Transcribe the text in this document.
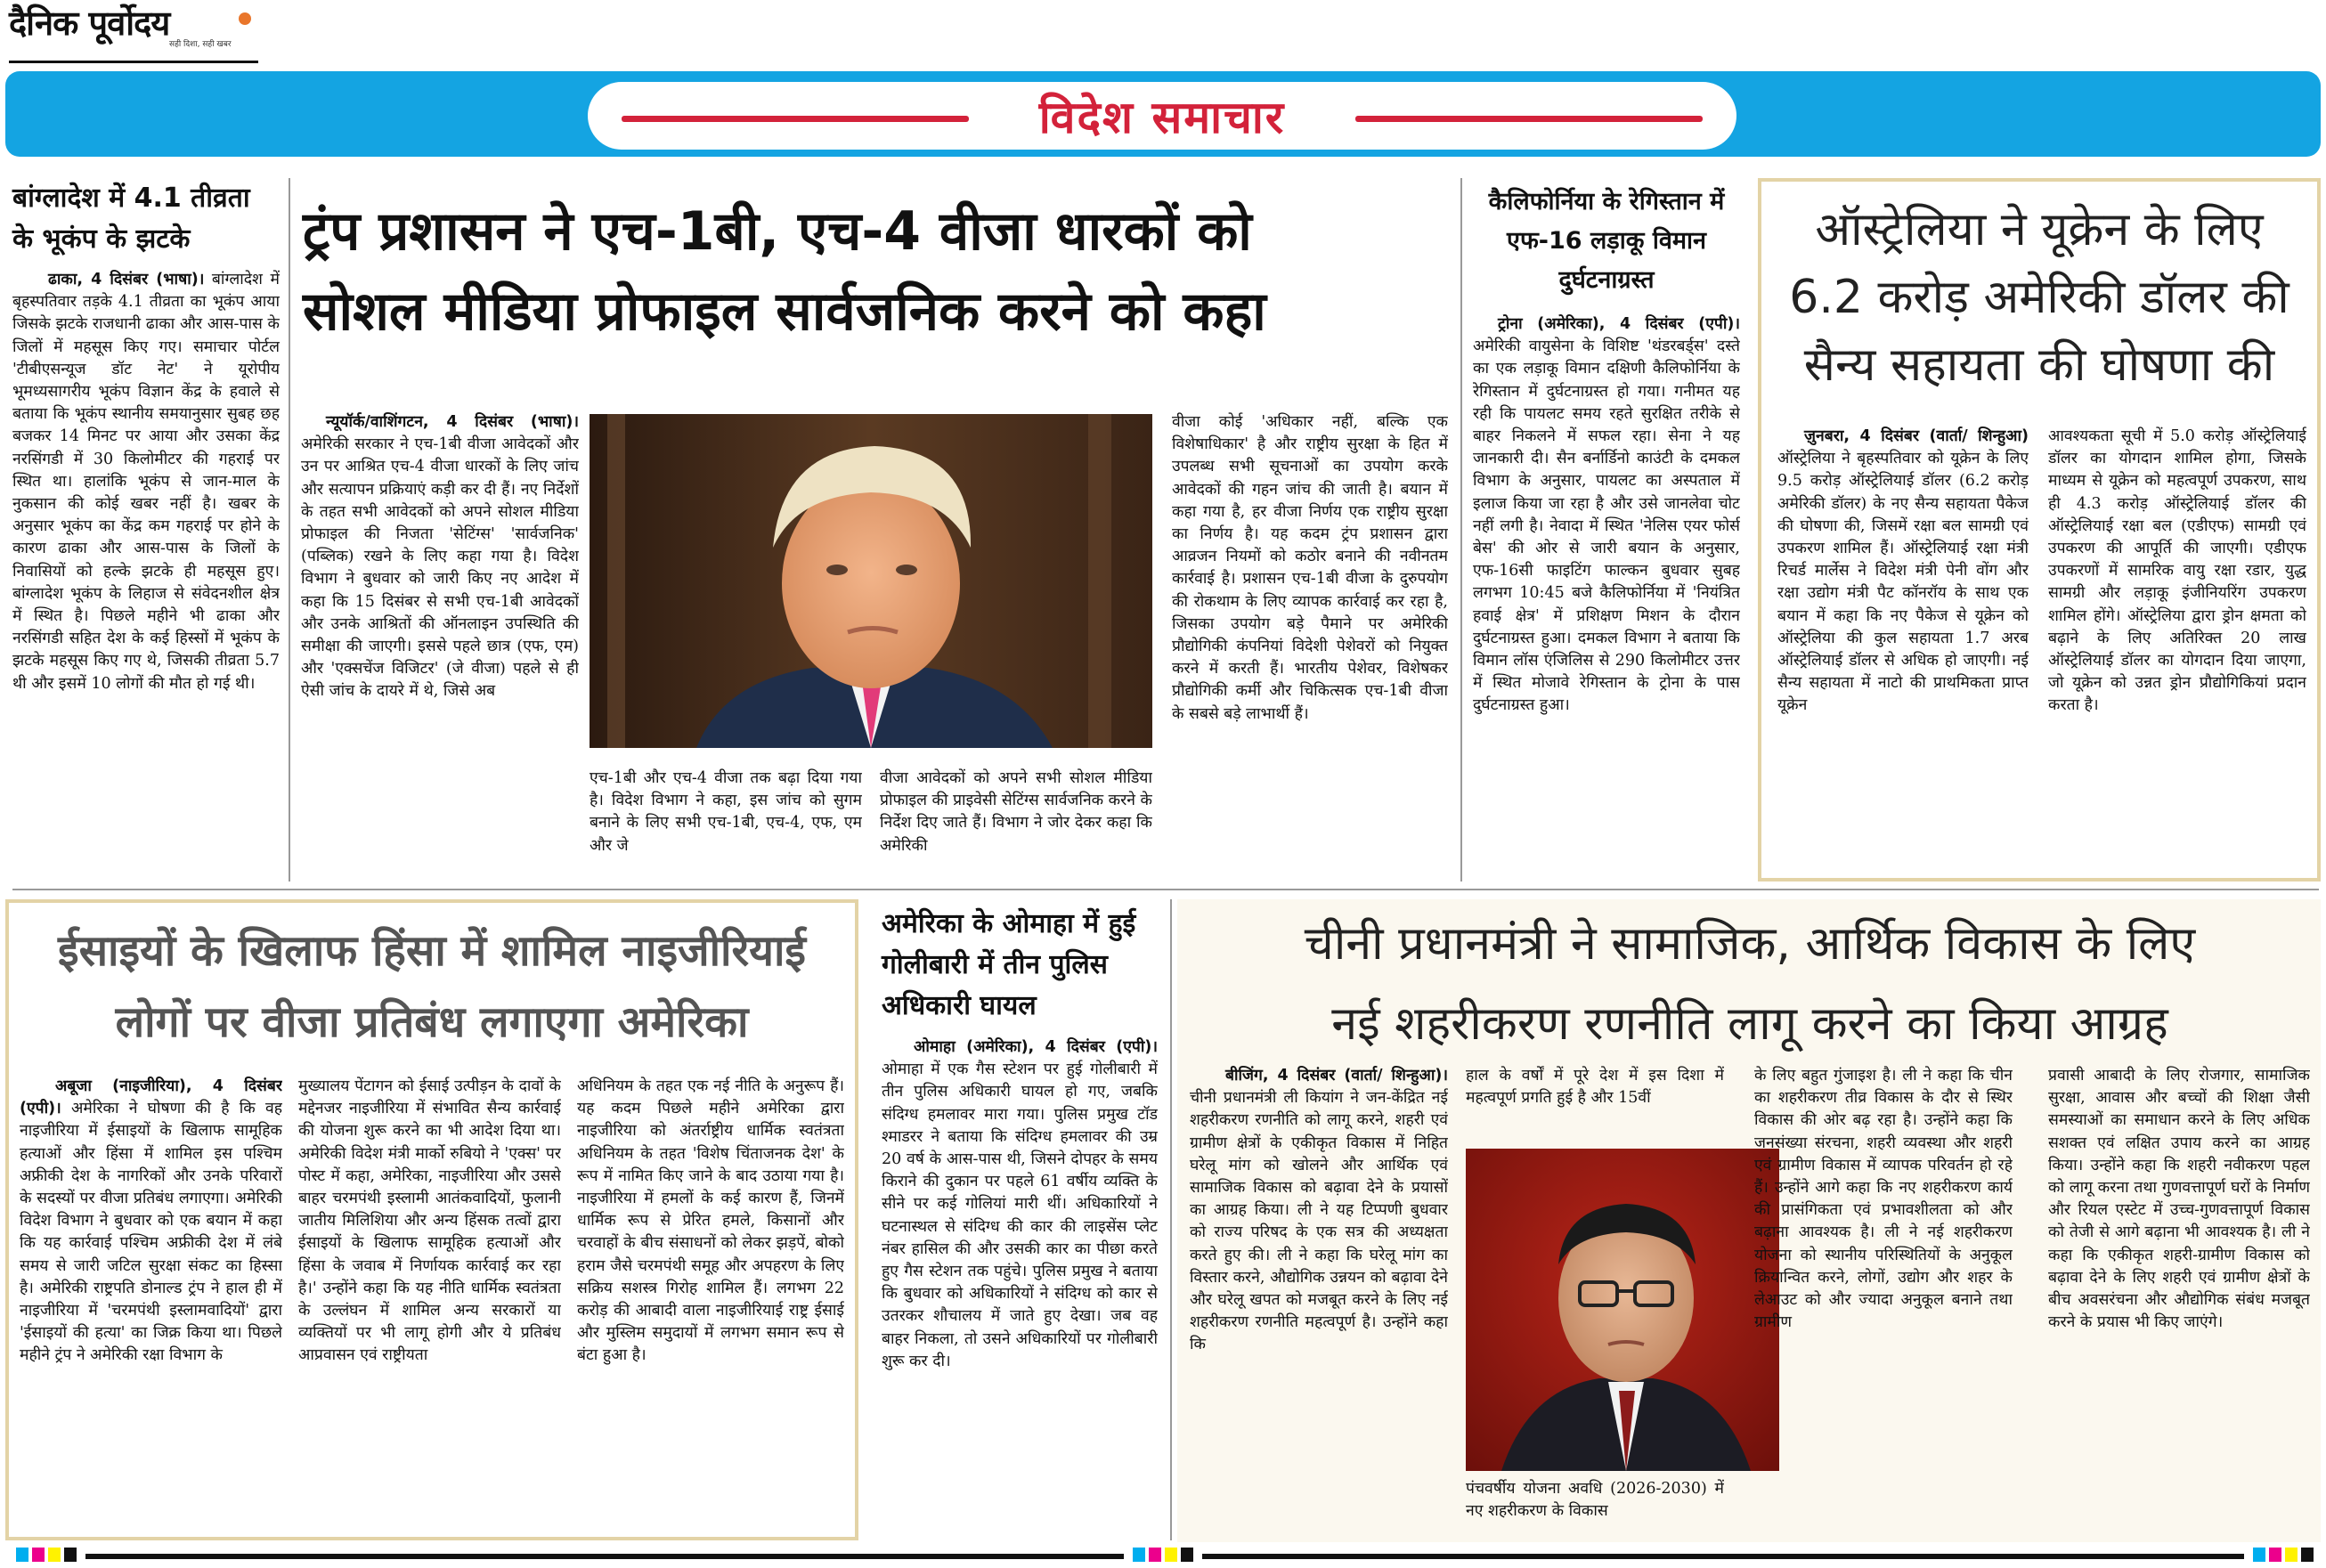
दैनिक पूर्वोदय
सही दिशा, सही खबर
विदेश समाचार
बांग्लादेश में 4.1 तीव्रता के भूकंप के झटके
ढाका, 4 दिसंबर (भाषा)। बांग्लादेश में बृहस्पतिवार तड़के 4.1 तीव्रता का भूकंप आया जिसके झटके राजधानी ढाका और आस-पास के जिलों में महसूस किए गए। समाचार पोर्टल 'टीबीएसन्यूज डॉट नेट' ने यूरोपीय भूमध्यसागरीय भूकंप विज्ञान केंद्र के हवाले से बताया कि भूकंप स्थानीय समयानुसार सुबह छह बजकर 14 मिनट पर आया और उसका केंद्र नरसिंगडी में 30 किलोमीटर की गहराई पर स्थित था। हालांकि भूकंप से जान-माल के नुकसान की कोई खबर नहीं है। खबर के अनुसार भूकंप का केंद्र कम गहराई पर होने के कारण ढाका और आस-पास के जिलों के निवासियों को हल्के झटके ही महसूस हुए। बांग्लादेश भूकंप के लिहाज से संवेदनशील क्षेत्र में स्थित है। पिछले महीने भी ढाका और नरसिंगडी सहित देश के कई हिस्सों में भूकंप के झटके महसूस किए गए थे, जिसकी तीव्रता 5.7 थी और इसमें 10 लोगों की मौत हो गई थी।
ट्रंप प्रशासन ने एच-1बी, एच-4 वीजा धारकों को
सोशल मीडिया प्रोफाइल सार्वजनिक करने को कहा
न्यूयॉर्क/वाशिंगटन, 4 दिसंबर (भाषा)। अमेरिकी सरकार ने एच-1बी वीजा आवेदकों और उन पर आश्रित एच-4 वीजा धारकों के लिए जांच और सत्यापन प्रक्रियाएं कड़ी कर दी हैं। नए निर्देशों के तहत सभी आवेदकों को अपने सोशल मीडिया प्रोफाइल की निजता 'सेटिंग्स' 'सार्वजनिक' (पब्लिक) रखने के लिए कहा गया है। विदेश विभाग ने बुधवार को जारी किए नए आदेश में कहा कि 15 दिसंबर से सभी एच-1बी आवेदकों और उनके आश्रितों की ऑनलाइन उपस्थिति की समीक्षा की जाएगी। इससे पहले छात्र (एफ, एम) और 'एक्सचेंज विजिटर' (जे वीजा) पहले से ही ऐसी जांच के दायरे में थे, जिसे अब
एच-1बी और एच-4 वीजा तक बढ़ा दिया गया है। विदेश विभाग ने कहा, इस जांच को सुगम बनाने के लिए सभी एच-1बी, एच-4, एफ, एम और जे
वीजा आवेदकों को अपने सभी सोशल मीडिया प्रोफाइल की प्राइवेसी सेटिंग्स सार्वजनिक करने के निर्देश दिए जाते हैं। विभाग ने जोर देकर कहा कि अमेरिकी
वीजा कोई 'अधिकार नहीं, बल्कि एक विशेषाधिकार' है और राष्ट्रीय सुरक्षा के हित में उपलब्ध सभी सूचनाओं का उपयोग करके आवेदकों की गहन जांच की जाती है। बयान में कहा गया है, हर वीजा निर्णय एक राष्ट्रीय सुरक्षा का निर्णय है। यह कदम ट्रंप प्रशासन द्वारा आव्रजन नियमों को कठोर बनाने की नवीनतम कार्रवाई है। प्रशासन एच-1बी वीजा के दुरुपयोग की रोकथाम के लिए व्यापक कार्रवाई कर रहा है, जिसका उपयोग बड़े पैमाने पर अमेरिकी प्रौद्योगिकी कंपनियां विदेशी पेशेवरों को नियुक्त करने में करती हैं। भारतीय पेशेवर, विशेषकर प्रौद्योगिकी कर्मी और चिकित्सक एच-1बी वीजा के सबसे बड़े लाभार्थी हैं।
कैलिफोर्निया के रेगिस्तान में एफ-16 लड़ाकू विमान दुर्घटनाग्रस्त
ट्रोना (अमेरिका), 4 दिसंबर (एपी)। अमेरिकी वायुसेना के विशिष्ट 'थंडरबर्ड्स' दस्ते का एक लड़ाकू विमान दक्षिणी कैलिफोर्निया के रेगिस्तान में दुर्घटनाग्रस्त हो गया। गनीमत यह रही कि पायलट समय रहते सुरक्षित तरीके से बाहर निकलने में सफल रहा। सेना ने यह जानकारी दी। सैन बर्नार्डिनो काउंटी के दमकल विभाग के अनुसार, पायलट का अस्पताल में इलाज किया जा रहा है और उसे जानलेवा चोट नहीं लगी है। नेवादा में स्थित 'नेलिस एयर फोर्स बेस' की ओर से जारी बयान के अनुसार, एफ-16सी फाइटिंग फाल्कन बुधवार सुबह लगभग 10:45 बजे कैलिफोर्निया में 'नियंत्रित हवाई क्षेत्र' में प्रशिक्षण मिशन के दौरान दुर्घटनाग्रस्त हुआ। दमकल विभाग ने बताया कि विमान लॉस एंजिलिस से 290 किलोमीटर उत्तर में स्थित मोजावे रेगिस्तान के ट्रोना के पास दुर्घटनाग्रस्त हुआ।
ऑस्ट्रेलिया ने यूक्रेन के लिए
6.2 करोड़ अमेरिकी डॉलर की
सैन्य सहायता की घोषणा की
ज़ुनबरा, 4 दिसंबर (वार्ता/ शिन्हुआ) ऑस्ट्रेलिया ने बृहस्पतिवार को यूक्रेन के लिए 9.5 करोड़ ऑस्ट्रेलियाई डॉलर (6.2 करोड़ अमेरिकी डॉलर) के नए सैन्य सहायता पैकेज की घोषणा की, जिसमें रक्षा बल सामग्री एवं उपकरण शामिल हैं। ऑस्ट्रेलियाई रक्षा मंत्री रिचर्ड मार्लेस ने विदेश मंत्री पेनी वोंग और रक्षा उद्योग मंत्री पैट कॉनरॉय के साथ एक बयान में कहा कि नए पैकेज से यूक्रेन को ऑस्ट्रेलिया की कुल सहायता 1.7 अरब ऑस्ट्रेलियाई डॉलर से अधिक हो जाएगी। नई सैन्य सहायता में नाटो की प्राथमिकता प्राप्त यूक्रेन
आवश्यकता सूची में 5.0 करोड़ ऑस्ट्रेलियाई डॉलर का योगदान शामिल होगा, जिसके माध्यम से यूक्रेन को महत्वपूर्ण उपकरण, साथ ही 4.3 करोड़ ऑस्ट्रेलियाई डॉलर की ऑस्ट्रेलियाई रक्षा बल (एडीएफ) सामग्री एवं उपकरण की आपूर्ति की जाएगी। एडीएफ उपकरणों में सामरिक वायु रक्षा रडार, युद्ध सामग्री और लड़ाकू इंजीनियरिंग उपकरण शामिल होंगे। ऑस्ट्रेलिया द्वारा ड्रोन क्षमता को बढ़ाने के लिए अतिरिक्त 20 लाख ऑस्ट्रेलियाई डॉलर का योगदान दिया जाएगा, जो यूक्रेन को उन्नत ड्रोन प्रौद्योगिकियां प्रदान करता है।
ईसाइयों के खिलाफ हिंसा में शामिल नाइजीरियाई
लोगों पर वीजा प्रतिबंध लगाएगा अमेरिका
अबूजा (नाइजीरिया), 4 दिसंबर (एपी)। अमेरिका ने घोषणा की है कि वह नाइजीरिया में ईसाइयों के खिलाफ सामूहिक हत्याओं और हिंसा में शामिल इस पश्चिम अफ्रीकी देश के नागरिकों और उनके परिवारों के सदस्यों पर वीजा प्रतिबंध लगाएगा। अमेरिकी विदेश विभाग ने बुधवार को एक बयान में कहा कि यह कार्रवाई पश्चिम अफ्रीकी देश में लंबे समय से जारी जटिल सुरक्षा संकट का हिस्सा है। अमेरिकी राष्ट्रपति डोनाल्ड ट्रंप ने हाल ही में नाइजीरिया में 'चरमपंथी इस्लामवादियों' द्वारा 'ईसाइयों की हत्या' का जिक्र किया था। पिछले महीने ट्रंप ने अमेरिकी रक्षा विभाग के
मुख्यालय पेंटागन को ईसाई उत्पीड़न के दावों के मद्देनजर नाइजीरिया में संभावित सैन्य कार्रवाई की योजना शुरू करने का भी आदेश दिया था। अमेरिकी विदेश मंत्री मार्को रुबियो ने 'एक्स' पर पोस्ट में कहा, अमेरिका, नाइजीरिया और उससे बाहर चरमपंथी इस्लामी आतंकवादियों, फुलानी जातीय मिलिशिया और अन्य हिंसक तत्वों द्वारा ईसाइयों के खिलाफ सामूहिक हत्याओं और हिंसा के जवाब में निर्णायक कार्रवाई कर रहा है।' उन्होंने कहा कि यह नीति धार्मिक स्वतंत्रता के उल्लंघन में शामिल अन्य सरकारों या व्यक्तियों पर भी लागू होगी और ये प्रतिबंध आप्रवासन एवं राष्ट्रीयता
अधिनियम के तहत एक नई नीति के अनुरूप हैं। यह कदम पिछले महीने अमेरिका द्वारा नाइजीरिया को अंतर्राष्ट्रीय धार्मिक स्वतंत्रता अधिनियम के तहत 'विशेष चिंताजनक देश' के रूप में नामित किए जाने के बाद उठाया गया है। नाइजीरिया में हमलों के कई कारण हैं, जिनमें धार्मिक रूप से प्रेरित हमले, किसानों और चरवाहों के बीच संसाधनों को लेकर झड़पें, बोको हराम जैसे चरमपंथी समूह और अपहरण के लिए सक्रिय सशस्त्र गिरोह शामिल हैं। लगभग 22 करोड़ की आबादी वाला नाइजीरियाई राष्ट्र ईसाई और मुस्लिम समुदायों में लगभग समान रूप से बंटा हुआ है।
अमेरिका के ओमाहा में हुई गोलीबारी में तीन पुलिस अधिकारी घायल
ओमाहा (अमेरिका), 4 दिसंबर (एपी)। ओमाहा में एक गैस स्टेशन पर हुई गोलीबारी में तीन पुलिस अधिकारी घायल हो गए, जबकि संदिग्ध हमलावर मारा गया। पुलिस प्रमुख टॉड श्माडरर ने बताया कि संदिग्ध हमलावर की उम्र 20 वर्ष के आस-पास थी, जिसने दोपहर के समय किराने की दुकान पर पहले 61 वर्षीय व्यक्ति के सीने पर कई गोलियां मारी थीं। अधिकारियों ने घटनास्थल से संदिग्ध की कार की लाइसेंस प्लेट नंबर हासिल की और उसकी कार का पीछा करते हुए गैस स्टेशन तक पहुंचे। पुलिस प्रमुख ने बताया कि बुधवार को अधिकारियों ने संदिग्ध को कार से उतरकर शौचालय में जाते हुए देखा। जब वह बाहर निकला, तो उसने अधिकारियों पर गोलीबारी शुरू कर दी।
चीनी प्रधानमंत्री ने सामाजिक, आर्थिक विकास के लिए
नई शहरीकरण रणनीति लागू करने का किया आग्रह
बीजिंग, 4 दिसंबर (वार्ता/ शिन्हुआ)। चीनी प्रधानमंत्री ली कियांग ने जन-केंद्रित नई शहरीकरण रणनीति को लागू करने, शहरी एवं ग्रामीण क्षेत्रों के एकीकृत विकास में निहित घरेलू मांग को खोलने और आर्थिक एवं सामाजिक विकास को बढ़ावा देने के प्रयासों का आग्रह किया। ली ने यह टिप्पणी बुधवार को राज्य परिषद के एक सत्र की अध्यक्षता करते हुए की। ली ने कहा कि घरेलू मांग का विस्तार करने, औद्योगिक उन्नयन को बढ़ावा देने और घरेलू खपत को मजबूत करने के लिए नई शहरीकरण रणनीति महत्वपूर्ण है। उन्होंने कहा कि
हाल के वर्षों में पूरे देश में इस दिशा में महत्वपूर्ण प्रगति हुई है और 15वीं
पंचवर्षीय योजना अवधि (2026-2030) में नए शहरीकरण के विकास
के लिए बहुत गुंजाइश है। ली ने कहा कि चीन का शहरीकरण तीव्र विकास के दौर से स्थिर विकास की ओर बढ़ रहा है। उन्होंने कहा कि जनसंख्या संरचना, शहरी व्यवस्था और शहरी एवं ग्रामीण विकास में व्यापक परिवर्तन हो रहे हैं। उन्होंने आगे कहा कि नए शहरीकरण कार्य की प्रासंगिकता एवं प्रभावशीलता को और बढ़ाना आवश्यक है। ली ने नई शहरीकरण योजना को स्थानीय परिस्थितियों के अनुकूल क्रियान्वित करने, लोगों, उद्योग और शहर के लेआउट को और ज्यादा अनुकूल बनाने तथा ग्रामीण
प्रवासी आबादी के लिए रोजगार, सामाजिक सुरक्षा, आवास और बच्चों की शिक्षा जैसी समस्याओं का समाधान करने के लिए अधिक सशक्त एवं लक्षित उपाय करने का आग्रह किया। उन्होंने कहा कि शहरी नवीकरण पहल को लागू करना तथा गुणवत्तापूर्ण घरों के निर्माण और रियल एस्टेट में उच्च-गुणवत्तापूर्ण विकास को तेजी से आगे बढ़ाना भी आवश्यक है। ली ने कहा कि एकीकृत शहरी-ग्रामीण विकास को बढ़ावा देने के लिए शहरी एवं ग्रामीण क्षेत्रों के बीच अवसरंचना और औद्योगिक संबंध मजबूत करने के प्रयास भी किए जाएंगे।
